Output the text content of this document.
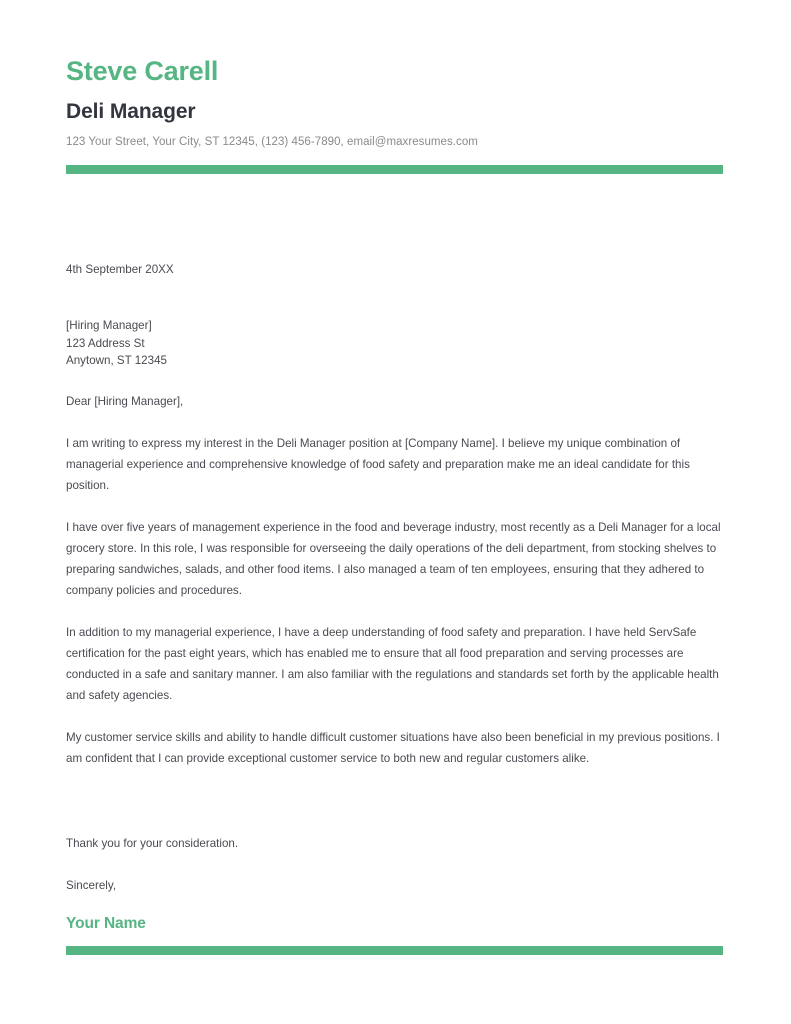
Steve Carell
Deli Manager

123 Your Street, Your City, ST 12345, (123) 456-7890, email@maxresumes.com

4th September 20XX

[Hiring Manager]

123 Address St

Anytown, ST 12345

Dear [Hiring Manager],

I am writing to express my interest in the Deli Manager position at [Company Name]. I believe my unique combination of managerial experience and comprehensive knowledge of food safety and preparation make me an ideal candidate for this position.

I have over five years of management experience in the food and beverage industry, most recently as a Deli Manager for a local grocery store. In this role, I was responsible for overseeing the daily operations of the deli department, from stocking shelves to preparing sandwiches, salads, and other food items. I also managed a team of ten employees, ensuring that they adhered to company policies and procedures.

In addition to my managerial experience, I have a deep understanding of food safety and preparation. I have held ServSafe certification for the past eight years, which has enabled me to ensure that all food preparation and serving processes are conducted in a safe and sanitary manner. I am also familiar with the regulations and standards set forth by the applicable health and safety agencies.

My customer service skills and ability to handle difficult customer situations have also been beneficial in my previous positions. I am confident that I can provide exceptional customer service to both new and regular customers alike.

Thank you for your consideration.

Sincerely,

Your Name
